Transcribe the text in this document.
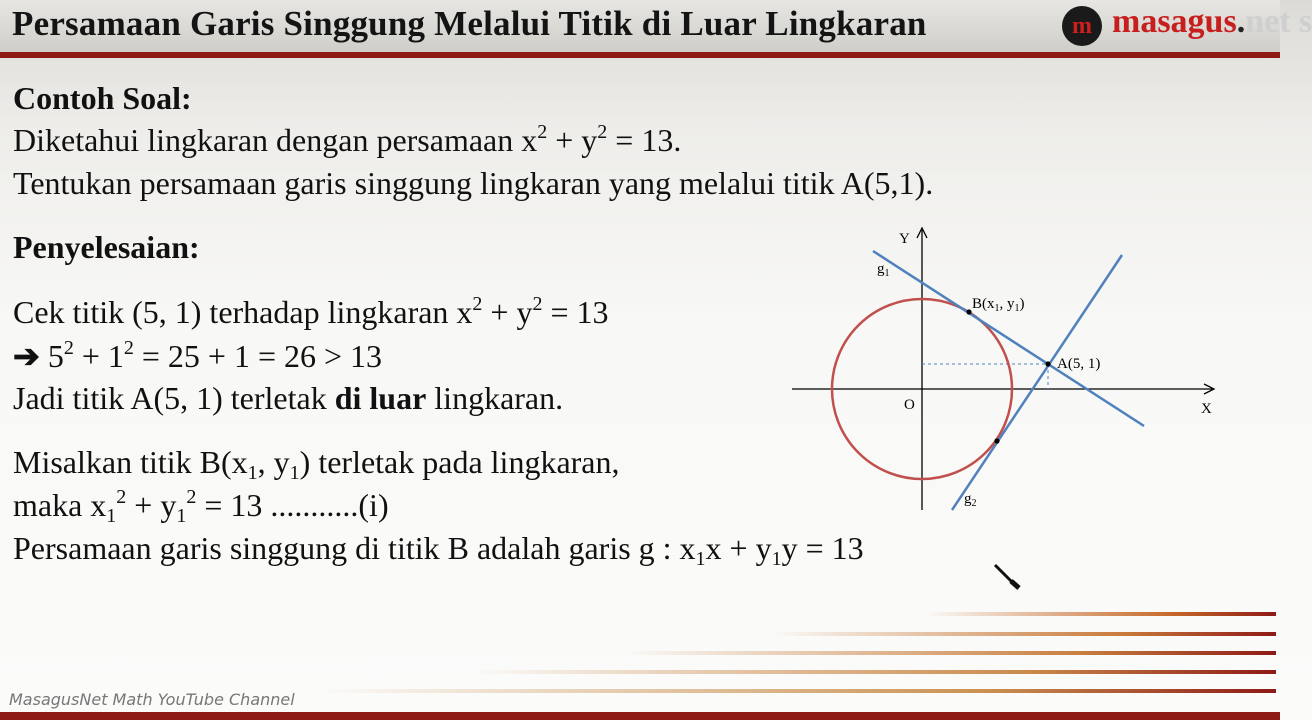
Persamaan Garis Singgung Melalui Titik di Luar Lingkaran	m masagus.net s
Contoh Soal:
Diketahui lingkaran dengan persamaan $x^2 + y^2 = 13$.
Tentukan persamaan garis singgung lingkaran yang melalui titik A(5,1).
Penyelesaian:
Cek titik (5, 1) terhadap lingkaran $x^2 + y^2 = 13$
➔ $5^2 + 1^2 = 25 + 1 = 26 > 13$
Jadi titik A(5, 1) terletak di luar lingkaran.
Misalkan titik $B(x_1$, $y_1$) terletak pada lingkaran,
maka $x_1^2 + y_1^2 = 13$ ...........(i)
Persamaan garis singgung di titik B adalah garis g : $x_1x + y_1y = 13$
Y
X
O
A(5, 1)
$B(x_1$, $y_1$)
$g_1$
$g_2$
MasagusNet Math YouTube Channel
